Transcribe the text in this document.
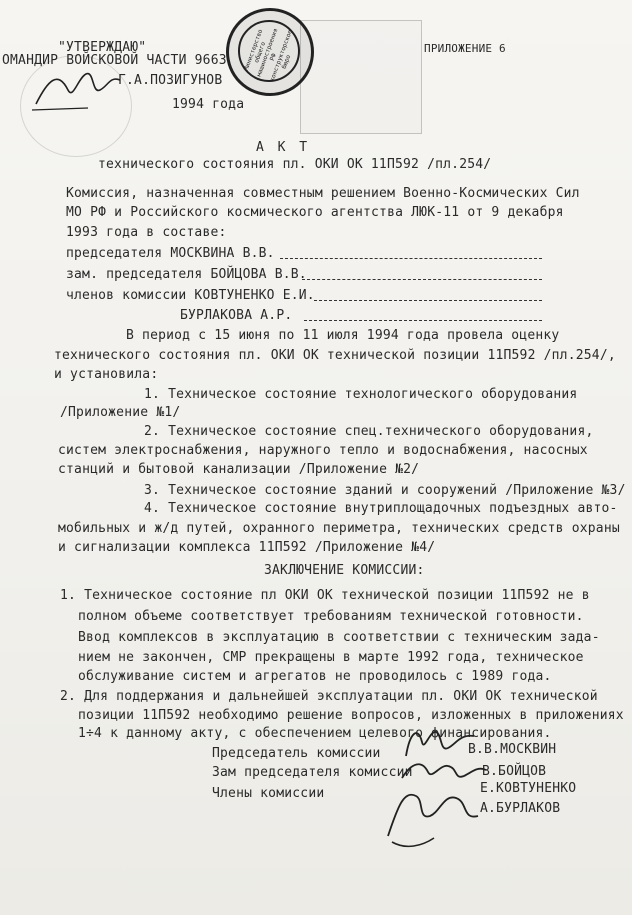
Министерство общего машиностроения РФ конструкторское бюро
"УТВЕРЖДАЮ"
ОМАНДИР ВОЙСКОВОЙ ЧАСТИ 9663
Г.А.ПОЗИГУНОВ
1994 года
ПРИЛОЖЕНИЕ 6
А К Т
технического состояния пл. ОКИ ОК 11П592 /пл.254/
Комиссия, назначенная совместным решением Военно-Космических Сил
МО РФ и Российского космического агентства ЛЮК-11 от 9 декабря
1993 года в составе:
председателя МОСКВИНА В.В.
зам. председателя БОЙЦОВА В.В.
членов комиссии КОВТУНЕНКО Е.И.
БУРЛАКОВА А.Р.
В период с 15 июня по 11 июля 1994 года провела оценку
технического состояния пл. ОКИ ОК технической позиции 11П592 /пл.254/,
и установила:
1. Техническое состояние технологического оборудования
/Приложение №1/
2. Техническое состояние спец.технического оборудования,
систем электроснабжения, наружного тепло и водоснабжения, насосных
станций и бытовой канализации /Приложение №2/
3. Техническое состояние зданий и сооружений /Приложение №3/
4. Техническое состояние внутриплощадочных подъездных авто-
мобильных и ж/д путей, охранного периметра, технических средств охраны
и сигнализации комплекса 11П592 /Приложение №4/
ЗАКЛЮЧЕНИЕ КОМИССИИ:
1. Техническое состояние пл ОКИ ОК технической позиции 11П592 не в
полном объеме соответствует требованиям технической готовности.
Ввод комплексов в эксплуатацию в соответствии с техническим зада-
нием не закончен, СМР прекращены в марте 1992 года, техническое
обслуживание систем и агрегатов не проводилось с 1989 года.
2. Для поддержания и дальнейшей эксплуатации пл. ОКИ ОК технической
позиции 11П592 необходимо решение вопросов, изложенных в приложениях
1÷4 к данному акту, с обеспечением целевого финансирования.
Председатель комиссии	В.В.МОСКВИН
Зам председателя комиссии	В.БОЙЦОВ
Члены комиссии	Е.КОВТУНЕНКО
А.БУРЛАКОВ
